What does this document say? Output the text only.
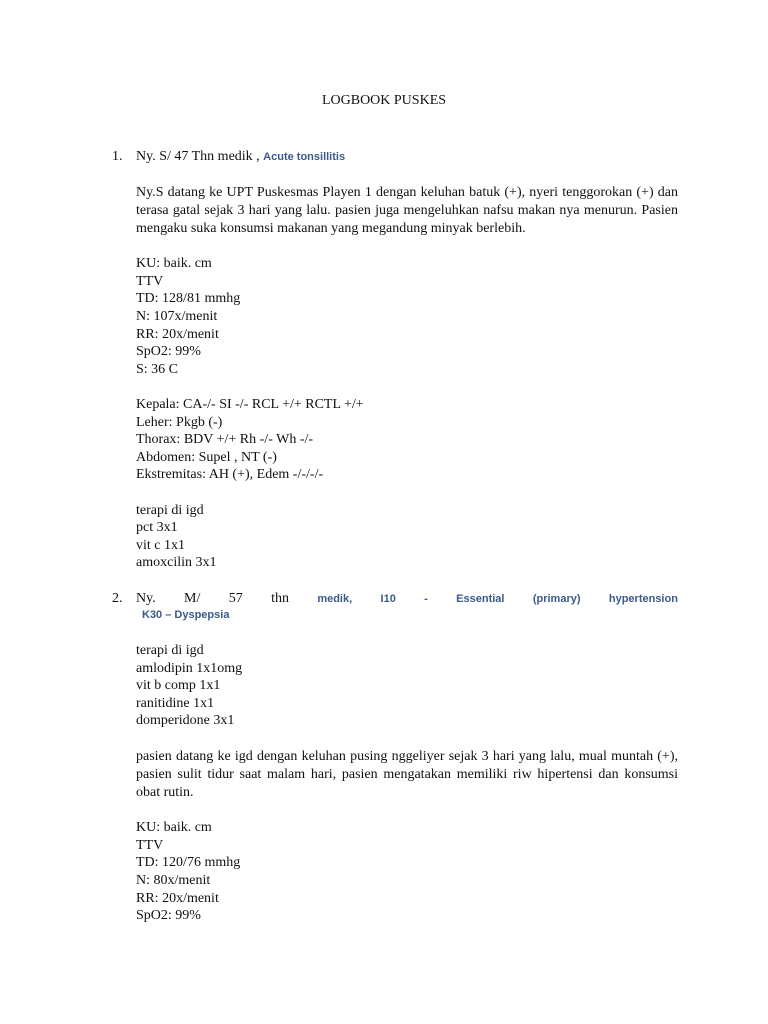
LOGBOOK PUSKES
1. Ny. S/ 47 Thn medik , Acute tonsillitis
Ny.S datang ke UPT Puskesmas Playen 1 dengan keluhan batuk (+), nyeri tenggorokan (+) dan terasa gatal sejak 3 hari yang lalu. pasien juga mengeluhkan nafsu makan nya menurun. Pasien mengaku suka konsumsi makanan yang megandung minyak berlebih.
KU: baik. cm
TTV
TD: 128/81 mmhg
N: 107x/menit
RR: 20x/menit
SpO2: 99%
S: 36 C
Kepala: CA-/- SI -/- RCL +/+ RCTL +/+
Leher: Pkgb (-)
Thorax: BDV +/+ Rh -/- Wh -/-
Abdomen: Supel , NT (-)
Ekstremitas: AH (+), Edem -/-/-/-
terapi di igd
pct 3x1
vit c 1x1
amoxcilin 3x1
2. Ny. M/ 57 thn	medik,	I10	-	Essential	(primary)	hypertension
K30 – Dyspepsia
terapi di igd
amlodipin 1x1omg
vit b comp 1x1
ranitidine 1x1
domperidone 3x1
pasien datang ke igd dengan keluhan pusing nggeliyer sejak 3 hari yang lalu, mual muntah (+), pasien sulit tidur saat malam hari, pasien mengatakan memiliki riw hipertensi dan konsumsi obat rutin.
KU: baik. cm
TTV
TD: 120/76 mmhg
N: 80x/menit
RR: 20x/menit
SpO2: 99%
